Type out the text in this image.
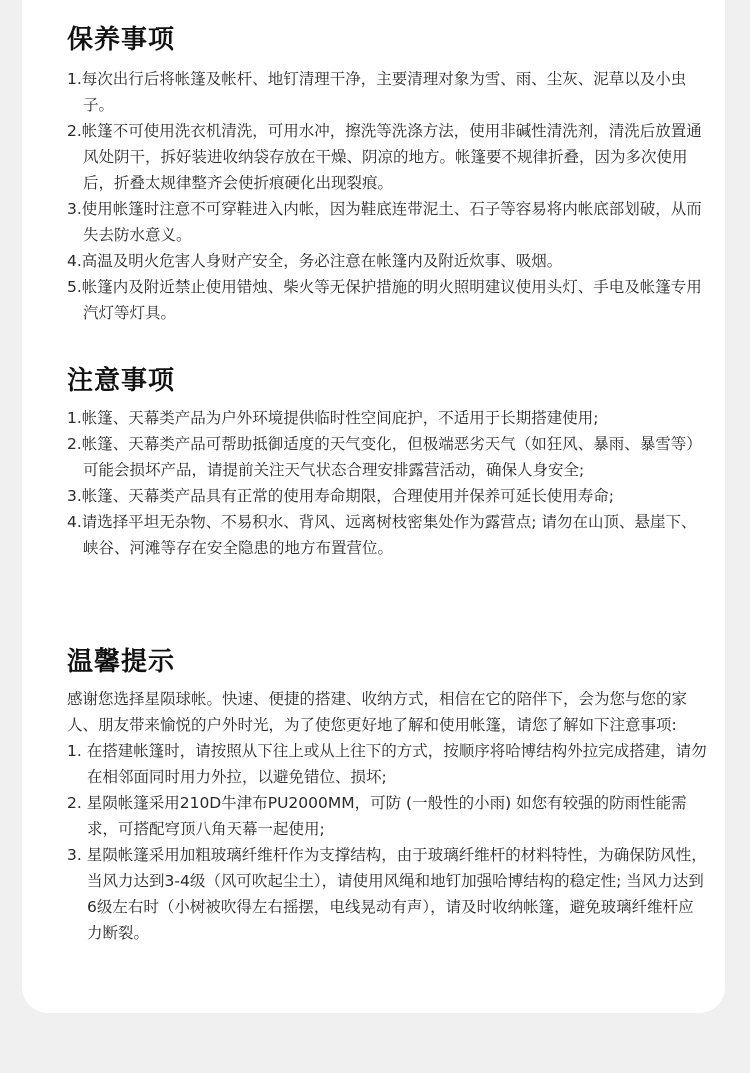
保养事项

1.每次出行后将帐篷及帐杆、地钉清理干净，主要清理对象为雪、雨、尘灰、泥草以及小虫子。

2.帐篷不可使用洗衣机清洗，可用水冲，擦洗等洗涤方法，使用非碱性清洗剂，清洗后放置通风处阴干，拆好装进收纳袋存放在干燥、阴凉的地方。帐篷要不规律折叠，因为多次使用后，折叠太规律整齐会使折痕硬化出现裂痕。

3.使用帐篷时注意不可穿鞋进入内帐，因为鞋底连带泥土、石子等容易将内帐底部划破，从而失去防水意义。

4.高温及明火危害人身财产安全，务必注意在帐篷内及附近炊事、吸烟。

5.帐篷内及附近禁止使用错烛、柴火等无保护措施的明火照明建议使用头灯、手电及帐篷专用汽灯等灯具。

注意事项

1.帐篷、天幕类产品为户外环境提供临时性空间庇护，不适用于长期搭建使用;

2.帐篷、天幕类产品可帮助抵御适度的天气变化，但极端恶劣天气（如狂风、暴雨、暴雪等）可能会损坏产品，请提前关注天气状态合理安排露营活动，确保人身安全;

3.帐篷、天幕类产品具有正常的使用寿命期限，合理使用并保养可延长使用寿命;

4.请选择平坦无杂物、不易积水、背风、远离树枝密集处作为露营点; 请勿在山顶、悬崖下、峡谷、河滩等存在安全隐患的地方布置营位。

温馨提示

感谢您选择星陨球帐。快速、便捷的搭建、收纳方式，相信在它的陪伴下，会为您与您的家人、朋友带来愉悦的户外时光，为了使您更好地了解和使用帐篷，请您了解如下注意事项:

1. 在搭建帐篷时，请按照从下往上或从上往下的方式，按顺序将哈博结构外拉完成搭建，请勿在相邻面同时用力外拉，以避免错位、损坏;

2. 星陨帐篷采用210D牛津布PU2000MM，可防 (一般性的小雨) 如您有较强的防雨性能需求，可搭配穹顶八角天幕一起使用;

3. 星陨帐篷采用加粗玻璃纤维杆作为支撑结构，由于玻璃纤维杆的材料特性，为确保防风性，当风力达到3-4级（风可吹起尘土），请使用风绳和地钉加强哈博结构的稳定性; 当风力达到6级左右时（小树被吹得左右摇摆，电线晃动有声），请及时收纳帐篷，避免玻璃纤维杆应力断裂。
